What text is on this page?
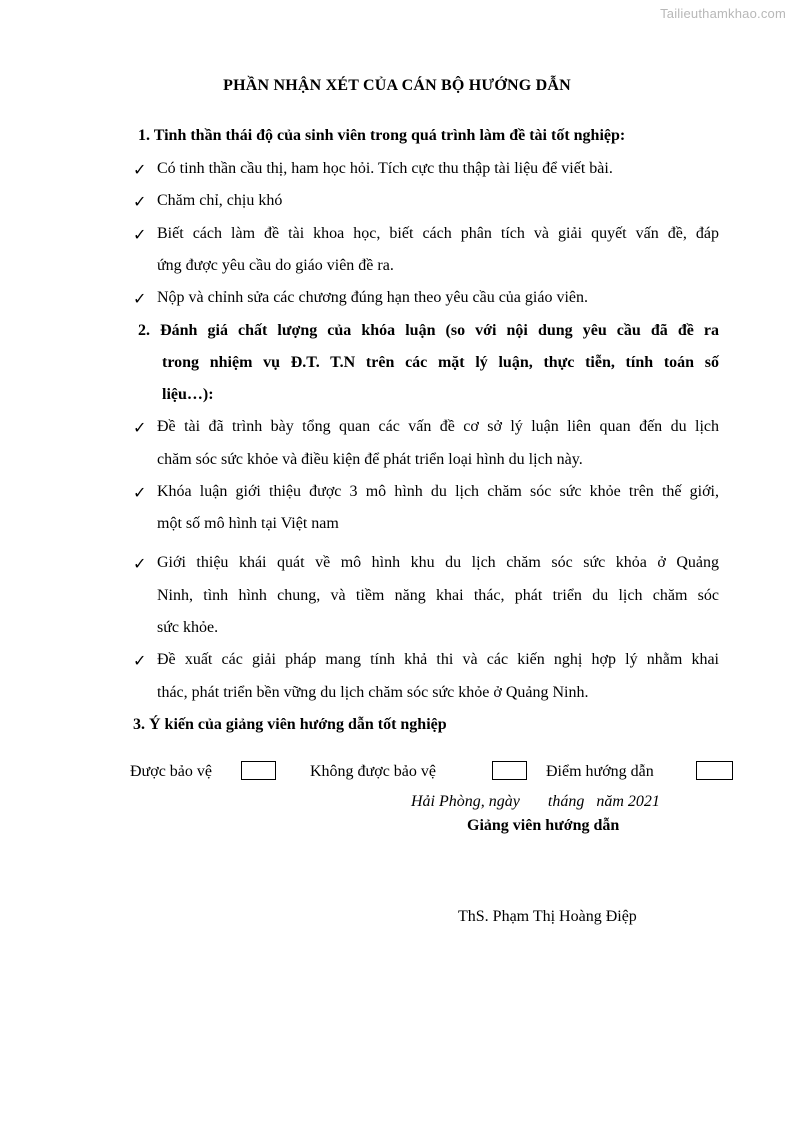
Tailieuthamkhao.com
PHẦN NHẬN XÉT CỦA CÁN BỘ HƯỚNG DẪN
1. Tinh thần thái độ của sinh viên trong quá trình làm đề tài tốt nghiệp:
✓ Có tinh thần cầu thị, ham học hỏi. Tích cực thu thập tài liệu để viết bài.
✓ Chăm chỉ, chịu khó
✓ Biết cách làm đề tài khoa học, biết cách phân tích và giải quyết vấn đề, đáp
ứng được yêu cầu do giáo viên đề ra.
✓ Nộp và chỉnh sửa các chương đúng hạn theo yêu cầu của giáo viên.
2. Đánh giá chất lượng của khóa luận (so với nội dung yêu cầu đã đề ra
trong nhiệm vụ Đ.T. T.N trên các mặt lý luận, thực tiễn, tính toán số
liệu…):
✓ Đề tài đã trình bày tổng quan các vấn đề cơ sở lý luận liên quan đến du lịch
chăm sóc sức khỏe và điều kiện để phát triển loại hình du lịch này.
✓ Khóa luận giới thiệu được 3 mô hình du lịch chăm sóc sức khỏe trên thế giới,
một số mô hình tại Việt nam
✓ Giới thiệu khái quát về mô hình khu du lịch chăm sóc sức khỏa ở Quảng
Ninh, tình hình chung, và tiềm năng khai thác, phát triển du lịch chăm sóc
sức khỏe.
✓ Đề xuất các giải pháp mang tính khả thi và các kiến nghị hợp lý nhằm khai
thác, phát triển bền vững du lịch chăm sóc sức khỏe ở Quảng Ninh.
3. Ý kiến của giảng viên hướng dẫn tốt nghiệp
Được bảo vệ	Không được bảo vệ	Điểm hướng dẫn
Hải Phòng, ngày       tháng   năm 2021
Giảng viên hướng dẫn
ThS. Phạm Thị Hoàng Điệp
